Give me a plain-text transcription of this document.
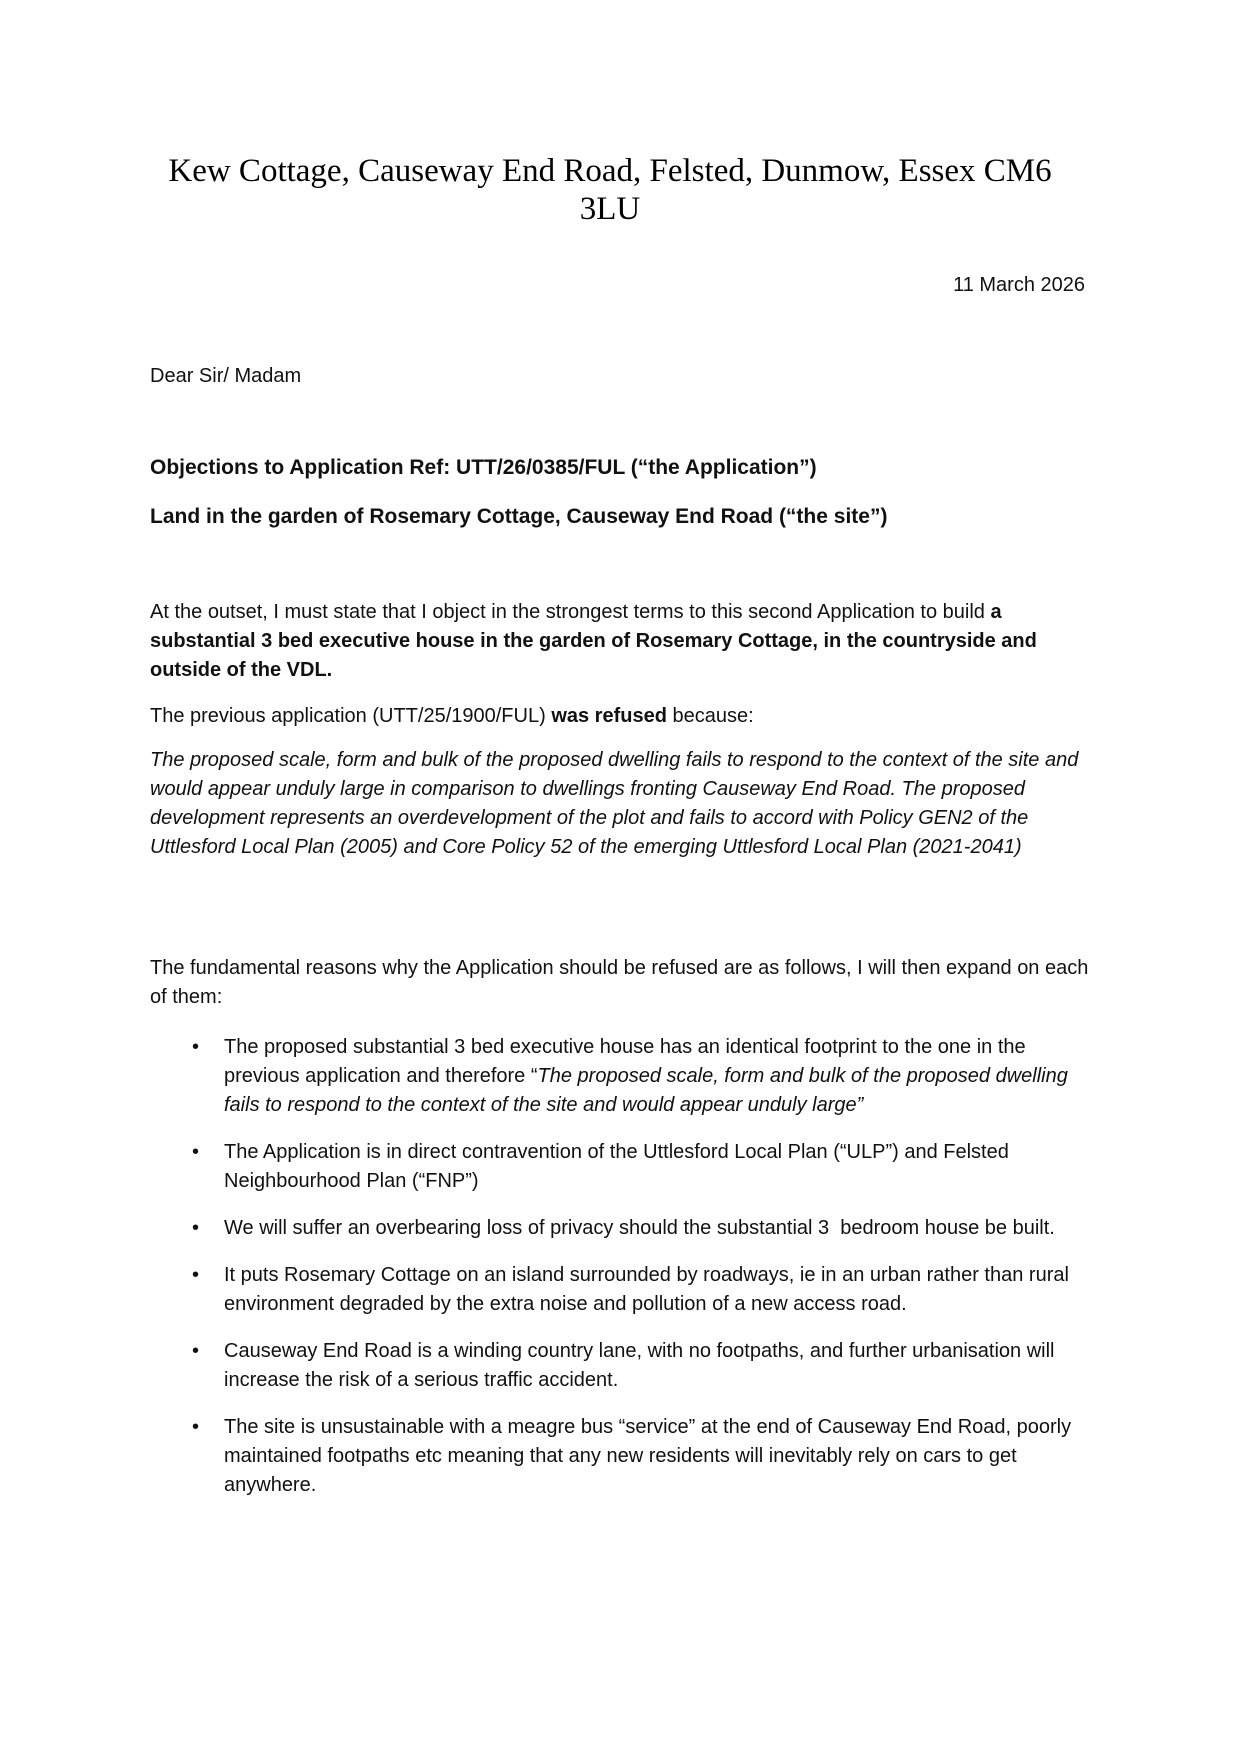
Kew Cottage, Causeway End Road, Felsted, Dunmow, Essex CM6 3LU
11 March 2026
Dear Sir/ Madam
Objections to Application Ref: UTT/26/0385/FUL (“the Application”)
Land in the garden of Rosemary Cottage, Causeway End Road (“the site”)

At the outset, I must state that I object in the strongest terms to this second Application to build a substantial 3 bed executive house in the garden of Rosemary Cottage, in the countryside and outside of the VDL.

The previous application (UTT/25/1900/FUL) was refused because:

The proposed scale, form and bulk of the proposed dwelling fails to respond to the context of the site and would appear unduly large in comparison to dwellings fronting Causeway End Road. The proposed development represents an overdevelopment of the plot and fails to accord with Policy GEN2 of the Uttlesford Local Plan (2005) and Core Policy 52 of the emerging Uttlesford Local Plan (2021-2041)

The fundamental reasons why the Application should be refused are as follows, I will then expand on each of them:

• The proposed substantial 3 bed executive house has an identical footprint to the one in the previous application and therefore “The proposed scale, form and bulk of the proposed dwelling fails to respond to the context of the site and would appear unduly large”
• The Application is in direct contravention of the Uttlesford Local Plan (“ULP”) and Felsted Neighbourhood Plan (“FNP”)
• We will suffer an overbearing loss of privacy should the substantial 3  bedroom house be built.
• It puts Rosemary Cottage on an island surrounded by roadways, ie in an urban rather than rural environment degraded by the extra noise and pollution of a new access road.
• Causeway End Road is a winding country lane, with no footpaths, and further urbanisation will increase the risk of a serious traffic accident.
• The site is unsustainable with a meagre bus “service” at the end of Causeway End Road, poorly maintained footpaths etc meaning that any new residents will inevitably rely on cars to get anywhere.
